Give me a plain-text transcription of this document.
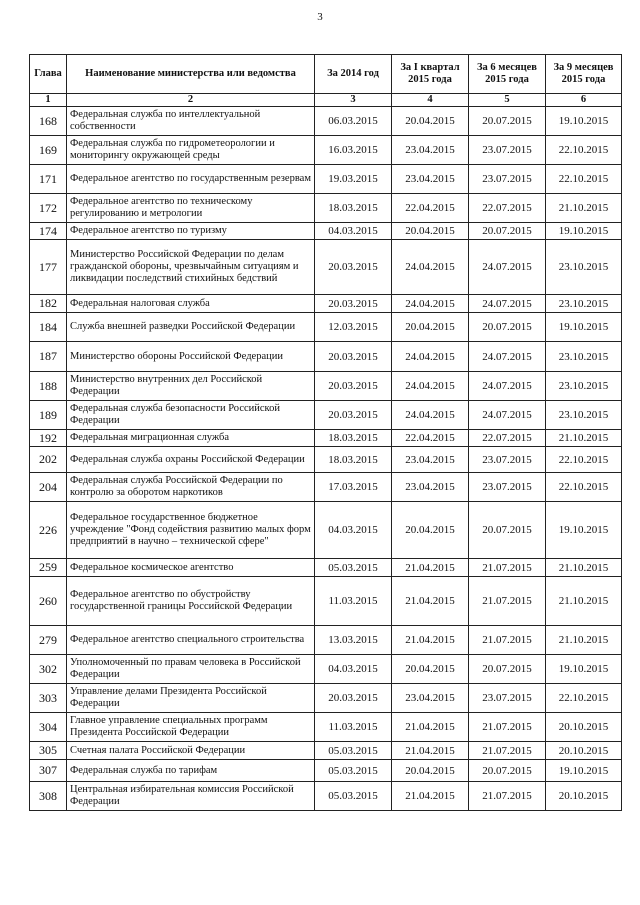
3
Глава	Наименование министерства или ведомства	За 2014 год	За I квартал 2015 года	За 6 месяцев 2015 года	За 9 месяцев 2015 года
1	2	3	4	5	6
168	Федеральная служба по интеллектуальной собственности	06.03.2015	20.04.2015	20.07.2015	19.10.2015
169	Федеральная служба по гидрометеорологии и мониторингу окружающей среды	16.03.2015	23.04.2015	23.07.2015	22.10.2015
171	Федеральное агентство по государственным резервам	19.03.2015	23.04.2015	23.07.2015	22.10.2015
172	Федеральное агентство по техническому регулированию и метрологии	18.03.2015	22.04.2015	22.07.2015	21.10.2015
174	Федеральное агентство по туризму	04.03.2015	20.04.2015	20.07.2015	19.10.2015
177	Министерство Российской Федерации по делам гражданской обороны, чрезвычайным ситуациям и ликвидации последствий стихийных бедствий	20.03.2015	24.04.2015	24.07.2015	23.10.2015
182	Федеральная налоговая служба	20.03.2015	24.04.2015	24.07.2015	23.10.2015
184	Служба внешней разведки Российской Федерации	12.03.2015	20.04.2015	20.07.2015	19.10.2015
187	Министерство обороны Российской Федерации	20.03.2015	24.04.2015	24.07.2015	23.10.2015
188	Министерство внутренних дел Российской Федерации	20.03.2015	24.04.2015	24.07.2015	23.10.2015
189	Федеральная служба безопасности Российской Федерации	20.03.2015	24.04.2015	24.07.2015	23.10.2015
192	Федеральная миграционная служба	18.03.2015	22.04.2015	22.07.2015	21.10.2015
202	Федеральная служба охраны Российской Федерации	18.03.2015	23.04.2015	23.07.2015	22.10.2015
204	Федеральная служба Российской Федерации по контролю за оборотом наркотиков	17.03.2015	23.04.2015	23.07.2015	22.10.2015
226	Федеральное государственное бюджетное учреждение "Фонд содействия развитию малых форм предприятий в научно – технической сфере"	04.03.2015	20.04.2015	20.07.2015	19.10.2015
259	Федеральное космическое агентство	05.03.2015	21.04.2015	21.07.2015	21.10.2015
260	Федеральное агентство по обустройству государственной границы Российской Федерации	11.03.2015	21.04.2015	21.07.2015	21.10.2015
279	Федеральное агентство специального строительства	13.03.2015	21.04.2015	21.07.2015	21.10.2015
302	Уполномоченный по правам человека в Российской Федерации	04.03.2015	20.04.2015	20.07.2015	19.10.2015
303	Управление делами Президента Российской Федерации	20.03.2015	23.04.2015	23.07.2015	22.10.2015
304	Главное управление специальных программ Президента Российской Федерации	11.03.2015	21.04.2015	21.07.2015	20.10.2015
305	Счетная палата Российской Федерации	05.03.2015	21.04.2015	21.07.2015	20.10.2015
307	Федеральная служба по тарифам	05.03.2015	20.04.2015	20.07.2015	19.10.2015
308	Центральная избирательная комиссия Российской Федерации	05.03.2015	21.04.2015	21.07.2015	20.10.2015
